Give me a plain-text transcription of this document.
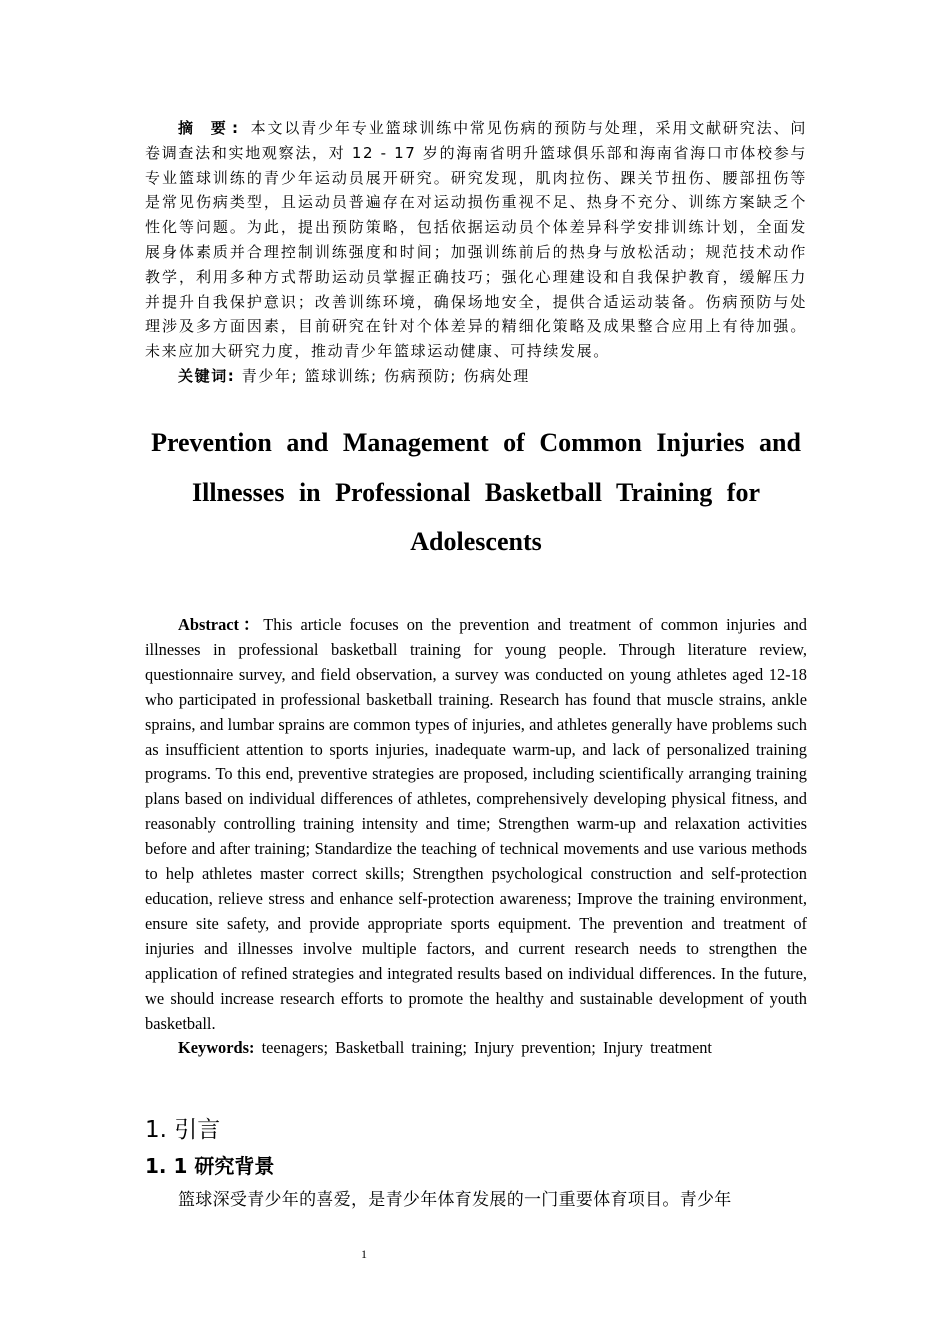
摘 要: 本文以青少年专业篮球训练中常见伤病的预防与处理，采用文献研究法、问卷调查法和实地观察法，对 12 - 17 岁的海南省明升篮球俱乐部和海南省海口市体校参与专业篮球训练的青少年运动员展开研究。研究发现，肌肉拉伤、踝关节扭伤、腰部扭伤等是常见伤病类型，且运动员普遍存在对运动损伤重视不足、热身不充分、训练方案缺乏个性化等问题。为此，提出预防策略，包括依据运动员个体差异科学安排训练计划，全面发展身体素质并合理控制训练强度和时间；加强训练前后的热身与放松活动；规范技术动作教学，利用多种方式帮助运动员掌握正确技巧；强化心理建设和自我保护教育，缓解压力并提升自我保护意识；改善训练环境，确保场地安全，提供合适运动装备。伤病预防与处理涉及多方面因素，目前研究在针对个体差异的精细化策略及成果整合应用上有待加强。未来应加大研究力度，推动青少年篮球运动健康、可持续发展。

关键词: 青少年; 篮球训练; 伤病预防; 伤病处理

Prevention and Management of Common Injuries and Illnesses in Professional Basketball Training for Adolescents

Abstract：This article focuses on the prevention and treatment of common injuries and illnesses in professional basketball training for young people. Through literature review, questionnaire survey, and field observation, a survey was conducted on young athletes aged 12-18 who participated in professional basketball training. Research has found that muscle strains, ankle sprains, and lumbar sprains are common types of injuries, and athletes generally have problems such as insufficient attention to sports injuries, inadequate warm-up, and lack of personalized training programs. To this end, preventive strategies are proposed, including scientifically arranging training plans based on individual differences of athletes, comprehensively developing physical fitness, and reasonably controlling training intensity and time; Strengthen warm-up and relaxation activities before and after training; Standardize the teaching of technical movements and use various methods to help athletes master correct skills; Strengthen psychological construction and self-protection education, relieve stress and enhance self-protection awareness; Improve the training environment, ensure site safety, and provide appropriate sports equipment. The prevention and treatment of injuries and illnesses involve multiple factors, and current research needs to strengthen the application of refined strategies and integrated results based on individual differences. In the future, we should increase research efforts to promote the healthy and sustainable development of youth basketball.

Keywords: teenagers; Basketball training; Injury prevention; Injury treatment

1. 引言
1. 1 研究背景
篮球深受青少年的喜爱，是青少年体育发展的一门重要体育项目。青少年
1
